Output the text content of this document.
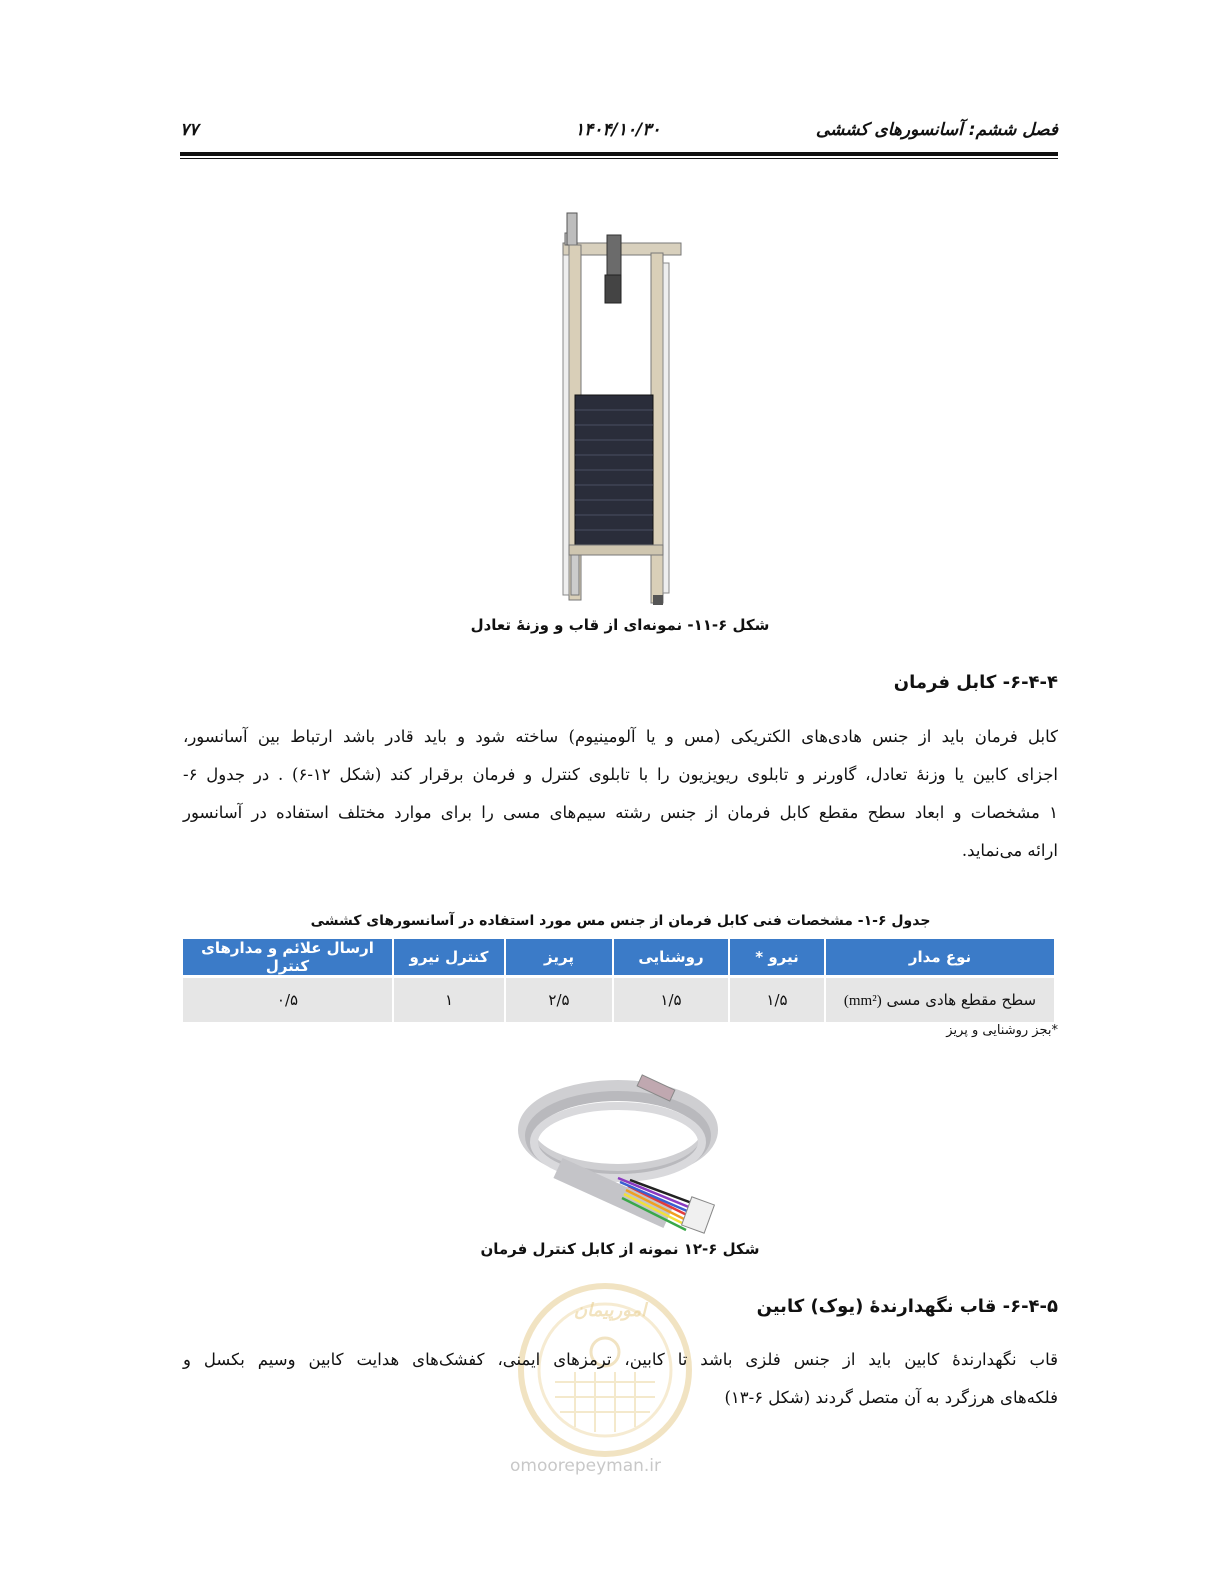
فصل ششم: آسانسورهای کششی
۱۴۰۴/۱۰/۳۰
۷۷
شکل ۶-۱۱- نمونه‌ای از قاب و وزنهٔ تعادل
۶-۴-۴- کابل فرمان
کابل فرمان باید از جنس هادی‌های الکتریکی (مس و یا آلومینیوم) ساخته شود و باید قادر باشد ارتباط بین آسانسور،
اجزای کابین یا وزنهٔ تعادل، گاورنر و تابلوی ریویزیون را با تابلوی کنترل و فرمان برقرار کند (شکل ۱۲-۶) . در جدول ۶-
۱ مشخصات و ابعاد سطح مقطع کابل فرمان از جنس رشته سیم‌های مسی را برای موارد مختلف استفاده در آسانسور
ارائه می‌نماید.
جدول ۶-۱- مشخصات فنی کابل فرمان از جنس مس مورد استفاده در آسانسورهای کششی
نوع مدار	نیرو *	روشنایی	پریز	کنترل نیرو	ارسال علائم و مدارهای کنترل
سطح مقطع هادی مسی (mm²)	۱/۵	۱/۵	۲/۵	۱	۰/۵
*بجز روشنایی و پریز
شکل ۶-۱۲ نمونه از کابل کنترل فرمان
امورپیمان
omoorepeyman.ir
۶-۴-۵- قاب نگهدارندهٔ (یوک) کابین
قاب نگهدارندهٔ کابین باید از جنس فلزی باشد تا کابین، ترمزهای ایمنی، کفشک‌های هدایت کابین وسیم بکسل و
فلکه‌های هرزگرد به آن متصل گردند (شکل ۶-۱۳)
